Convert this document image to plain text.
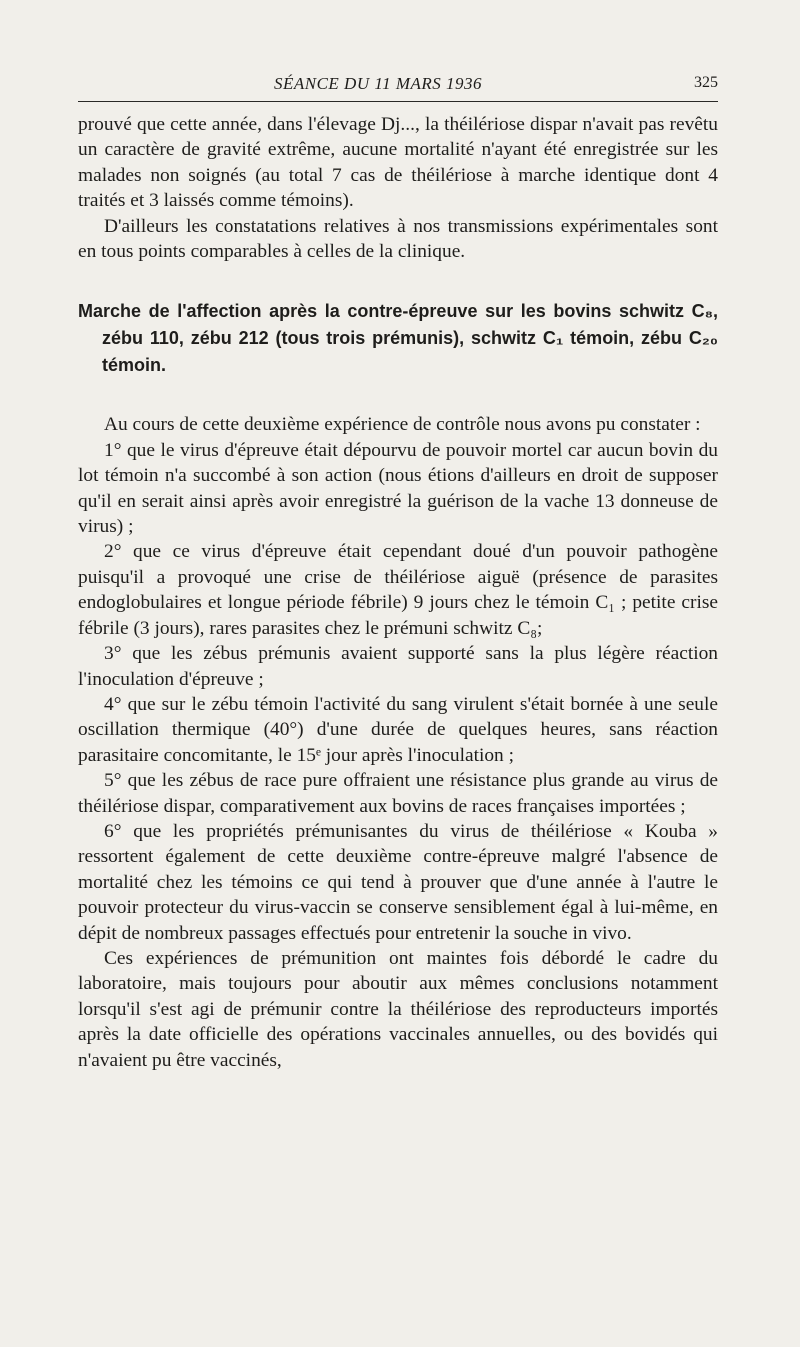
SÉANCE DU 11 MARS 1936	325

prouvé que cette année, dans l'élevage Dj..., la théilériose dispar n'avait pas revêtu un caractère de gravité extrême, aucune mortalité n'ayant été enregistrée sur les malades non soignés (au total 7 cas de théilériose à marche identique dont 4 traités et 3 laissés comme témoins).

D'ailleurs les constatations relatives à nos transmissions expérimentales sont en tous points comparables à celles de la clinique.

Marche de l'affection après la contre-épreuve sur les bovins schwitz C₈, zébu 110, zébu 212 (tous trois prémunis), schwitz C₁ témoin, zébu C₂₀ témoin.

Au cours de cette deuxième expérience de contrôle nous avons pu constater :

1° que le virus d'épreuve était dépourvu de pouvoir mortel car aucun bovin du lot témoin n'a succombé à son action (nous étions d'ailleurs en droit de supposer qu'il en serait ainsi après avoir enregistré la guérison de la vache 13 donneuse de virus) ;

2° que ce virus d'épreuve était cependant doué d'un pouvoir pathogène puisqu'il a provoqué une crise de théilériose aiguë (présence de parasites endoglobulaires et longue période fébrile) 9 jours chez le témoin C₁ ; petite crise fébrile (3 jours), rares parasites chez le prémuni schwitz C₈;

3° que les zébus prémunis avaient supporté sans la plus légère réaction l'inoculation d'épreuve ;

4° que sur le zébu témoin l'activité du sang virulent s'était bornée à une seule oscillation thermique (40°) d'une durée de quelques heures, sans réaction parasitaire concomitante, le 15ᵉ jour après l'inoculation ;

5° que les zébus de race pure offraient une résistance plus grande au virus de théilériose dispar, comparativement aux bovins de races françaises importées ;

6° que les propriétés prémunisantes du virus de théilériose « Kouba » ressortent également de cette deuxième contre-épreuve malgré l'absence de mortalité chez les témoins ce qui tend à prouver que d'une année à l'autre le pouvoir protecteur du virus-vaccin se conserve sensiblement égal à lui-même, en dépit de nombreux passages effectués pour entretenir la souche in vivo.

Ces expériences de prémunition ont maintes fois débordé le cadre du laboratoire, mais toujours pour aboutir aux mêmes conclusions notamment lorsqu'il s'est agi de prémunir contre la théilériose des reproducteurs importés après la date officielle des opérations vaccinales annuelles, ou des bovidés qui n'avaient pu être vaccinés,
